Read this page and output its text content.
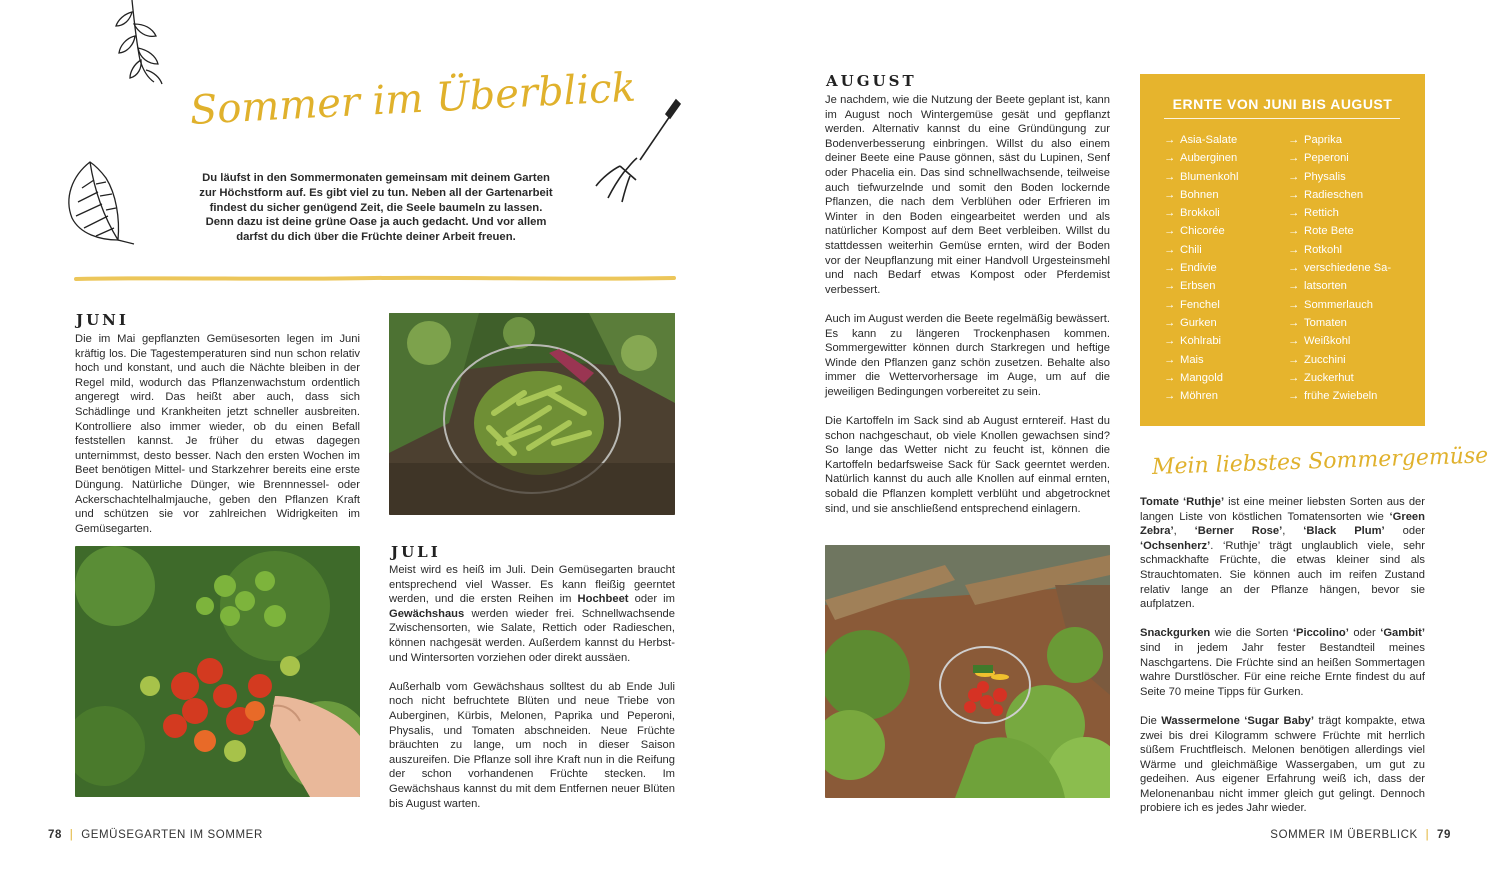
Sommer im Überblick
Du läufst in den Sommermonaten gemeinsam mit deinem Garten zur Höchstform auf. Es gibt viel zu tun. Neben all der Gartenarbeit findest du sicher genügend Zeit, die Seele baumeln zu lassen. Denn dazu ist deine grüne Oase ja auch gedacht. Und vor allem darfst du dich über die Früchte deiner Arbeit freuen.
JUNI
Die im Mai gepflanzten Gemüsesorten legen im Juni kräftig los. Die Tagestemperaturen sind nun schon relativ hoch und konstant, und auch die Nächte bleiben in der Regel mild, wodurch das Pflanzenwachstum ordentlich angeregt wird. Das heißt aber auch, dass sich Schädlinge und Krankheiten jetzt schneller ausbreiten. Kontrolliere also immer wieder, ob du einen Befall feststellen kannst. Je früher du etwas dagegen unternimmst, desto besser. Nach den ersten Wochen im Beet benötigen Mittel- und Starkzehrer bereits eine erste Düngung. Natürliche Dünger, wie Brennnessel- oder Ackerschachtelhalmjauche, geben den Pflanzen Kraft und schützen sie vor zahlreichen Widrigkeiten im Gemüsegarten.
JULI

Meist wird es heiß im Juli. Dein Gemüsegarten braucht entsprechend viel Wasser. Es kann fleißig geerntet werden, und die ersten Reihen im Hochbeet oder im Gewächshaus werden wieder frei. Schnellwachsende Zwischensorten, wie Salate, Rettich oder Radieschen, können nachgesät werden. Außerdem kannst du Herbst- und Wintersorten vorziehen oder direkt aussäen.

Außerhalb vom Gewächshaus solltest du ab Ende Juli noch nicht befruchtete Blüten und neue Triebe von Auberginen, Kürbis, Melonen, Paprika und Peperoni, Physalis, und Tomaten abschneiden. Neue Früchte bräuchten zu lange, um noch in dieser Saison auszureifen. Die Pflanze soll ihre Kraft nun in die Reifung der schon vorhandenen Früchte stecken. Im Gewächshaus kannst du mit dem Entfernen neuer Blüten bis August warten.

78 | GEMÜSEGARTEN IM SOMMER
AUGUST

Je nachdem, wie die Nutzung der Beete geplant ist, kann im August noch Wintergemüse gesät und gepflanzt werden. Alternativ kannst du eine Gründüngung zur Bodenverbesserung einbringen. Willst du also einem deiner Beete eine Pause gönnen, säst du Lupinen, Senf oder Phacelia ein. Das sind schnellwachsende, teilweise auch tiefwurzelnde und somit den Boden lockernde Pflanzen, die nach dem Verblühen oder Erfrieren im Winter in den Boden eingearbeitet werden und als natürlicher Kompost auf dem Beet verbleiben. Willst du stattdessen weiterhin Gemüse ernten, wird der Boden vor der Neupflanzung mit einer Handvoll Urgesteinsmehl und nach Bedarf etwas Kompost oder Pferdemist verbessert.

Auch im August werden die Beete regelmäßig bewässert. Es kann zu längeren Trockenphasen kommen. Sommergewitter können durch Starkregen und heftige Winde den Pflanzen ganz schön zusetzen. Behalte also immer die Wettervorhersage im Auge, um auf die jeweiligen Bedingungen vorbereitet zu sein.

Die Kartoffeln im Sack sind ab August erntereif. Hast du schon nachgeschaut, ob viele Knollen gewachsen sind? So lange das Wetter nicht zu feucht ist, können die Kartoffeln bedarfsweise Sack für Sack geerntet werden. Natürlich kannst du auch alle Knollen auf einmal ernten, sobald die Pflanzen komplett verblüht und abgetrocknet sind, und sie anschließend entsprechend einlagern.

ERNTE VON JUNI BIS AUGUST
→ Asia-Salate
→ Auberginen
→ Blumenkohl
→ Bohnen
→ Brokkoli
→ Chicorée
→ Chili
→ Endivie
→ Erbsen
→ Fenchel
→ Gurken
→ Kohlrabi
→ Mais
→ Mangold
→ Möhren
→ Paprika
→ Peperoni
→ Physalis
→ Radieschen
→ Rettich
→ Rote Bete
→ Rotkohl
→ verschiedene Sa-
→ latsorten
→ Sommerlauch
→ Tomaten
→ Weißkohl
→ Zucchini
→ Zuckerhut
→ frühe Zwiebeln
Mein liebstes Sommergemüse

Tomate ‘Ruthje’ ist eine meiner liebsten Sorten aus der langen Liste von köstlichen Tomatensorten wie ‘Green Zebra’, ‘Berner Rose’, ‘Black Plum’ oder ‘Ochsenherz’. ‘Ruthje’ trägt unglaublich viele, sehr schmackhafte Früchte, die etwas kleiner sind als Strauchtomaten. Sie können auch im reifen Zustand relativ lange an der Pflanze hängen, bevor sie aufplatzen.

Snackgurken wie die Sorten ‘Piccolino’ oder ‘Gambit’ sind in jedem Jahr fester Bestandteil meines Naschgartens. Die Früchte sind an heißen Sommertagen wahre Durstlöscher. Für eine reiche Ernte findest du auf Seite 70 meine Tipps für Gurken.

Die Wassermelone ‘Sugar Baby’ trägt kompakte, etwa zwei bis drei Kilogramm schwere Früchte mit herrlich süßem Fruchtfleisch. Melonen benötigen allerdings viel Wärme und gleichmäßige Wassergaben, um gut zu gedeihen. Aus eigener Erfahrung weiß ich, dass der Melonenanbau nicht immer gleich gut gelingt. Dennoch probiere ich es jedes Jahr wieder.

SOMMER IM ÜBERBLICK | 79
